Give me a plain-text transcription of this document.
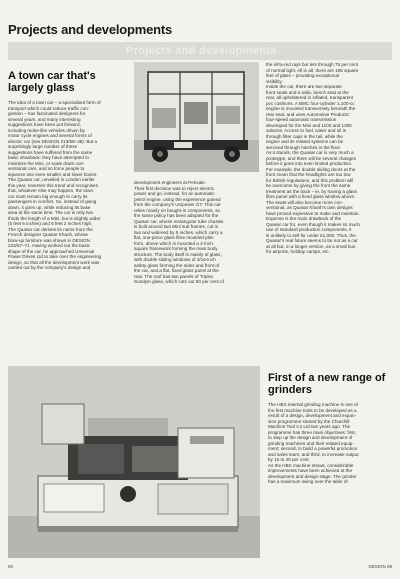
Projects and developments
Projects and developments
A town car that's
largely glass
The idea of a town car – a specialised form of
transport which could reduce traffic con-
gestion – has fascinated designers for
several years, and many interesting
suggestions have been put forward,
including moke-like vehicles driven by
motor cycle engines and several forms of
electric car (see DESIGN 213/58–38). But a
surprisingly large number of these
suggestions have suffered from the same
basic drawback: they have attempted to
minimise the Mini, or scale down con-
ventional cars, and so force people to
squeeze into even smaller and lower boxes.
The Quasar car, unveiled in London earlier
this year, reverses this trend and recognises
that, whatever else may happen, the town
car must remain big enough to carry its
passengers in comfort. So, instead of going
down, it goes up, while reducing its base
area at the same time. The car is only two
thirds the length of a Mini, but is slightly wider
(5 feet 6 inches) and 6 feet 2 inches high.
The Quasar car derives its name from the
French designer Quasar Khanh, whose
blow-up furniture was shown in DESIGN
233/67–71. Having worked out the basic
shape of the car, he approached Universal
Power Drives Ltd to take over the engineering
design, so that all the development work was
carried out by the company's design and
development engineers at Perivale.
Their first decision was to reject electric
power and go, instead, for an automatic
petrol engine, using the experience gained
from the company's Unipower GT. This car
relies mainly on bought-in components, so
the same policy has been adopted for the
Quasar car, whose rectangular tube chassis
is built around two Mini sub frames, cut in
two and widened by 5 inches, which carry a
flat, one-piece glass fibre moulded plat-
form, above which is mounted a 2-inch-
square framework forming the main body
structure. The body itself is mainly of glass,
with double sliding windows of 3/16-inch
safety glass forming the sides and front of
the car, and a flat, fixed glass panel at the
rear. The roof has two panels of Triplex
Sundym glass, which cuts out 50 per cent of
the infra-red rays but lets through 75 per cent
of normal light. All in all, there are 105 square
feet of glass – providing exceptional
visibility.
Inside the car, there are two separate
front seats and a wide, bench seat at the
rear, all upholstered in inflated, transparent
pvc cushions. A BMC four-cylinder 1,100-cc
engine is mounted transversely beneath the
rear seat, and uses Automotive Products'
four-speed automatic transmission
developed for the Mini and 1100 and 1300
saloons. Access to fuel, water and oil is
through filter caps in the tail, while the
engine and its related systems can be
serviced through hatches in the floor.
As it stands, the Quasar car is very much a
prototype, and there will be several changes
before it goes into even limited production.
For example, the double sliding doors at the
front mean that the headlights are too low
for British regulations, and this problem will
be overcome by giving the front the same
treatment as the back – ie, by having a glass
fibre panel with a fixed glass window above.
The seats will also become more con-
ventional, as Quasar Khanh's own designs
have proved expensive to make and maintain.
Expense is the main drawback of the
Quasar car for, even though it makes so much
use of standard production components, it
is unlikely to sell for under £1,000. Thus, the
Quasar's real future seems to be not as a car
at all but, in a longer version, as a small bus
for airports, holiday camps, etc.
First of a new range of
grinders
The HBX internal grinding machine is one of
the first machine tools to be developed as a
result of a design, development and expan-
sion programme started by the Churchill
Machine Tool Co Ltd two years ago. The
programme has three main objectives: first,
to step up the design and development of
grinding machines and their related equip-
ment; second, to build a powerful promotion
and sales team; and third, to increase output
by 15 to 20 per cent.
As the HBX machine shows, considerable
improvements have been achieved at the
development and design stage. The grinder
has a maximum swing over the table of
60	DESIGN 08
